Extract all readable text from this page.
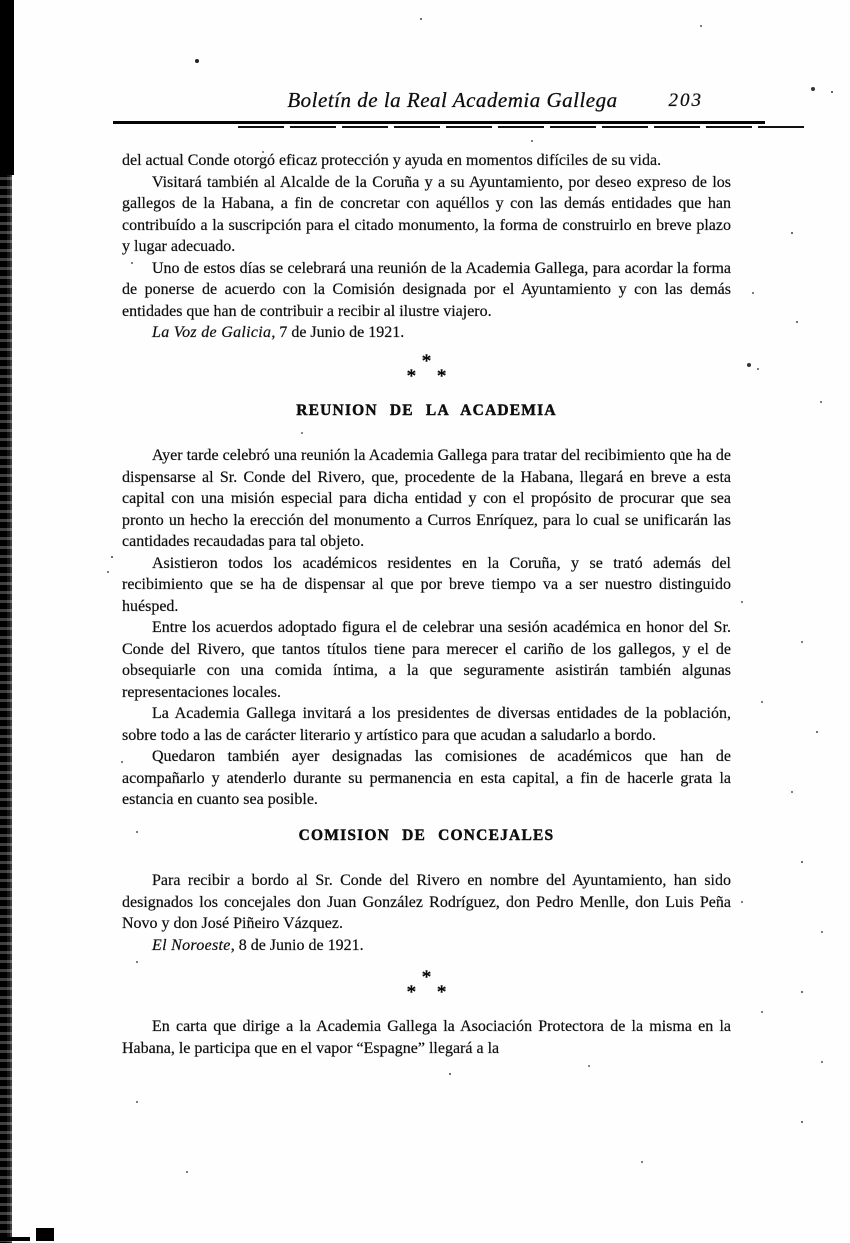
Boletín de la Real Academia Gallega	203

del actual Conde otorgó eficaz protección y ayuda en momentos difíciles de su vida.

Visitará también al Alcalde de la Coruña y a su Ayuntamiento, por deseo expreso de los gallegos de la Habana, a fin de concretar con aquéllos y con las demás entidades que han contribuído a la suscripción para el citado monumento, la forma de construirlo en breve plazo y lugar adecuado.

Uno de estos días se celebrará una reunión de la Academia Gallega, para acordar la forma de ponerse de acuerdo con la Comisión designada por el Ayuntamiento y con las demás entidades que han de contribuir a recibir al ilustre viajero.

La Voz de Galicia, 7 de Junio de 1921.

*
* *
REUNION DE LA ACADEMIA

Ayer tarde celebró una reunión la Academia Gallega para tratar del recibimiento que ha de dispensarse al Sr. Conde del Rivero, que, procedente de la Habana, llegará en breve a esta capital con una misión especial para dicha entidad y con el propósito de procurar que sea pronto un hecho la erección del monumento a Curros Enríquez, para lo cual se unificarán las cantidades recaudadas para tal objeto.

Asistieron todos los académicos residentes en la Coruña, y se trató además del recibimiento que se ha de dispensar al que por breve tiempo va a ser nuestro distinguido huésped.

Entre los acuerdos adoptado figura el de celebrar una sesión académica en honor del Sr. Conde del Rivero, que tantos títulos tiene para merecer el cariño de los gallegos, y el de obsequiarle con una comida íntima, a la que seguramente asistirán también algunas representaciones locales.

La Academia Gallega invitará a los presidentes de diversas entidades de la población, sobre todo a las de carácter literario y artístico para que acudan a saludarlo a bordo.

Quedaron también ayer designadas las comisiones de académicos que han de acompañarlo y atenderlo durante su permanencia en esta capital, a fin de hacerle grata la estancia en cuanto sea posible.

COMISION DE CONCEJALES

Para recibir a bordo al Sr. Conde del Rivero en nombre del Ayuntamiento, han sido designados los concejales don Juan González Rodríguez, don Pedro Menlle, don Luis Peña Novo y don José Piñeiro Vázquez.

El Noroeste, 8 de Junio de 1921.

*
* *

En carta que dirige a la Academia Gallega la Asociación Protectora de la misma en la Habana, le participa que en el vapor “Espagne” llegará a la
